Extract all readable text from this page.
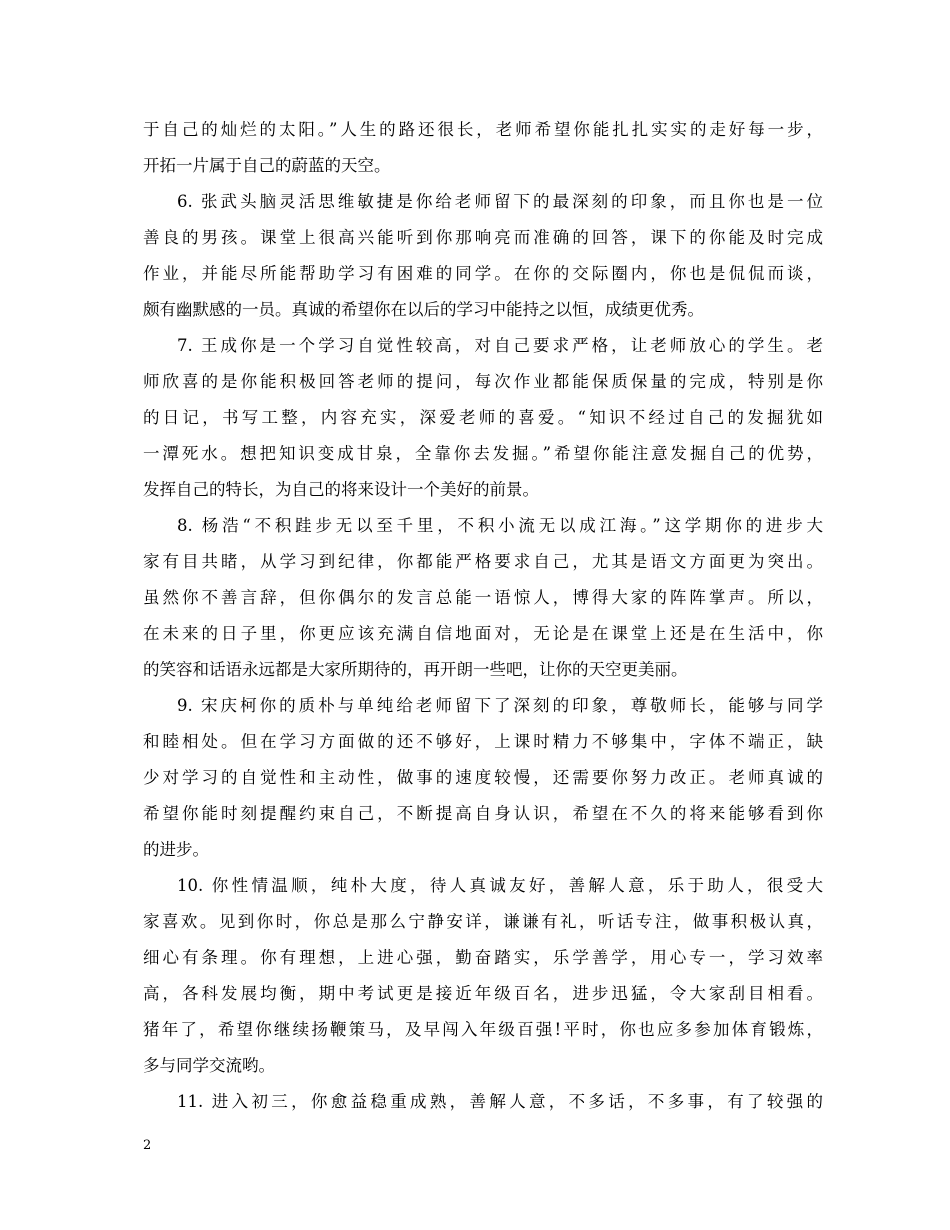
于自己的灿烂的太阳。”人生的路还很长，老师希望你能扎扎实实的走好每一步，
开拓一片属于自己的蔚蓝的天空。
6. 张武头脑灵活思维敏捷是你给老师留下的最深刻的印象，而且你也是一位
善良的男孩。课堂上很高兴能听到你那响亮而准确的回答，课下的你能及时完成
作业，并能尽所能帮助学习有困难的同学。在你的交际圈内，你也是侃侃而谈，
颇有幽默感的一员。真诚的希望你在以后的学习中能持之以恒，成绩更优秀。
7. 王成你是一个学习自觉性较高，对自己要求严格，让老师放心的学生。老
师欣喜的是你能积极回答老师的提问，每次作业都能保质保量的完成，特别是你
的日记，书写工整，内容充实，深爱老师的喜爱。“知识不经过自己的发掘犹如
一潭死水。想把知识变成甘泉，全靠你去发掘。”希望你能注意发掘自己的优势，
发挥自己的特长，为自己的将来设计一个美好的前景。
8. 杨浩“不积跬步无以至千里，不积小流无以成江海。”这学期你的进步大
家有目共睹，从学习到纪律，你都能严格要求自己，尤其是语文方面更为突出。
虽然你不善言辞，但你偶尔的发言总能一语惊人，博得大家的阵阵掌声。所以，
在未来的日子里，你更应该充满自信地面对，无论是在课堂上还是在生活中，你
的笑容和话语永远都是大家所期待的，再开朗一些吧，让你的天空更美丽。
9. 宋庆柯你的质朴与单纯给老师留下了深刻的印象，尊敬师长，能够与同学
和睦相处。但在学习方面做的还不够好，上课时精力不够集中，字体不端正，缺
少对学习的自觉性和主动性，做事的速度较慢，还需要你努力改正。老师真诚的
希望你能时刻提醒约束自己，不断提高自身认识，希望在不久的将来能够看到你
的进步。
10. 你性情温顺，纯朴大度，待人真诚友好，善解人意，乐于助人，很受大
家喜欢。见到你时，你总是那么宁静安详，谦谦有礼，听话专注，做事积极认真，
细心有条理。你有理想，上进心强，勤奋踏实，乐学善学，用心专一，学习效率
高，各科发展均衡，期中考试更是接近年级百名，进步迅猛，令大家刮目相看。
猪年了，希望你继续扬鞭策马，及早闯入年级百强!平时，你也应多参加体育锻炼，
多与同学交流哟。
11. 进入初三，你愈益稳重成熟，善解人意，不多话，不多事，有了较强的
2
